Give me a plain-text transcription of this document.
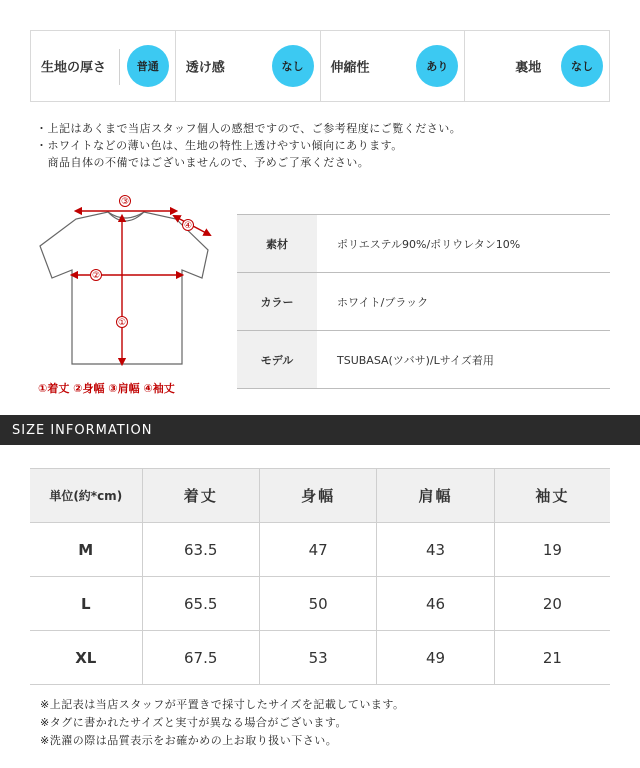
生地の厚さ	普通	透け感	なし	伸縮性	あり	裏地	なし
・上記はあくまで当店スタッフ個人の感想ですので、ご参考程度にご覧ください。
・ホワイトなどの薄い色は、生地の特性上透けやすい傾向にあります。
　商品自体の不備ではございませんので、予めご了承ください。
③
④
②
①
①着丈 ②身幅 ③肩幅 ④袖丈
素材	ポリエステル90%/ポリウレタン10%
カラー	ホワイト/ブラック
モデル	TSUBASA(ツバサ)/Lサイズ着用
SIZE INFORMATION
単位(約*cm)	着丈	身幅	肩幅	袖丈
M	63.5	47	43	19
L	65.5	50	46	20
XL	67.5	53	49	21
※上記表は当店スタッフが平置きで採寸したサイズを記載しています。
※タグに書かれたサイズと実寸が異なる場合がございます。
※洗濯の際は品質表示をお確かめの上お取り扱い下さい。
